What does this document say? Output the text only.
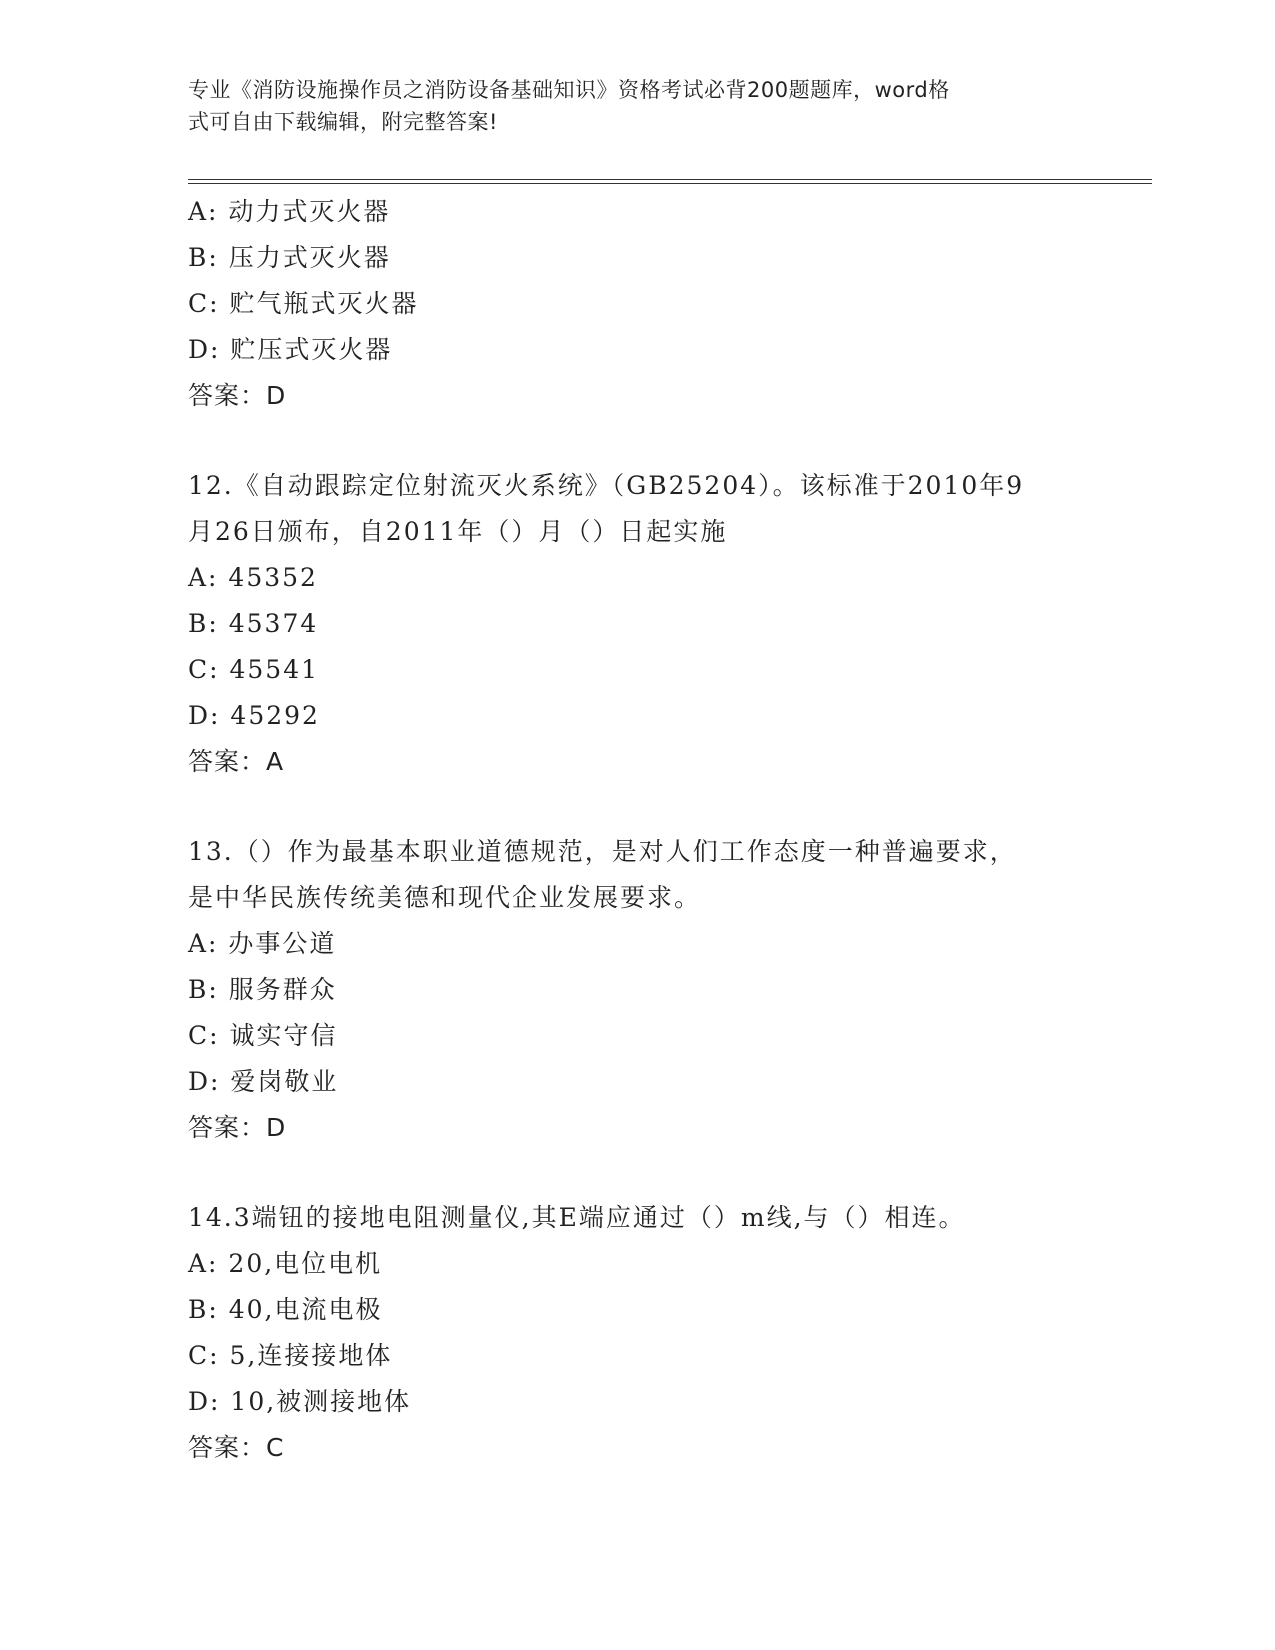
专业《消防设施操作员之消防设备基础知识》资格考试必背200题题库，word格
式可自由下载编辑，附完整答案!
A: 动力式灭火器
B: 压力式灭火器
C: 贮气瓶式灭火器
D: 贮压式灭火器
答案：D
12.《自动跟踪定位射流灭火系统》（GB25204）。该标准于2010年9
月26日颁布，自2011年（）月（）日起实施
A: 45352
B: 45374
C: 45541
D: 45292
答案：A
13.（）作为最基本职业道德规范，是对人们工作态度一种普遍要求，
是中华民族传统美德和现代企业发展要求。
A: 办事公道
B: 服务群众
C: 诚实守信
D: 爱岗敬业
答案：D
14.3端钮的接地电阻测量仪,其E端应通过（）m线,与（）相连。
A: 20,电位电机
B: 40,电流电极
C: 5,连接接地体
D: 10,被测接地体
答案：C
